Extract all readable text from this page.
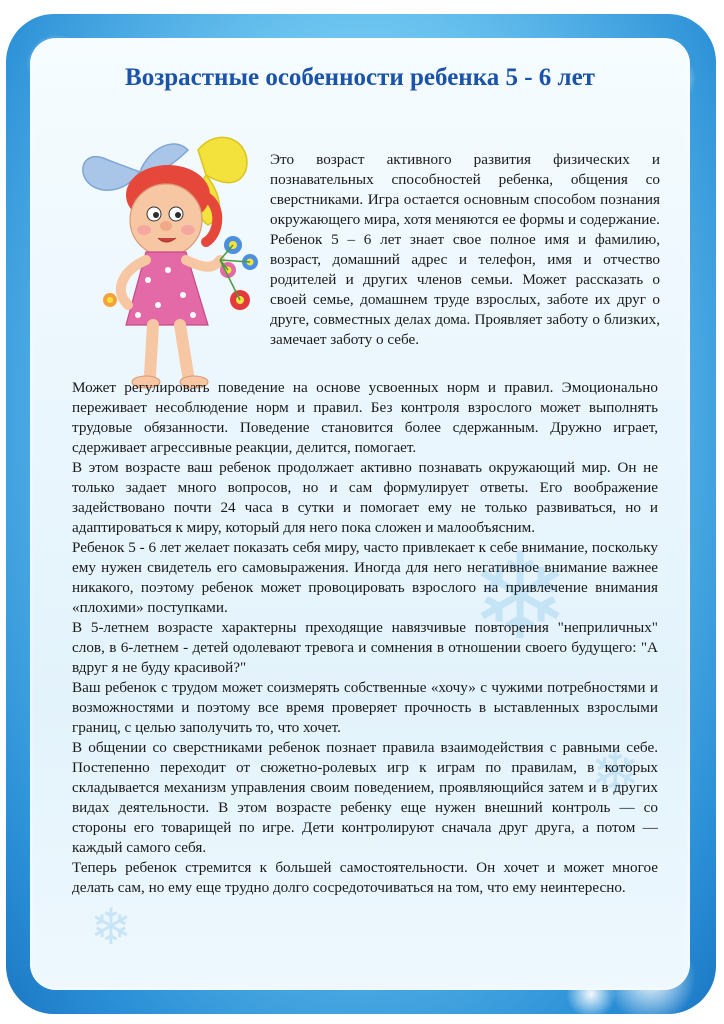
❄
❄
❄
Возрастные особенности ребенка 5 - 6 лет

Это возраст активного развития физических и познавательных способностей ребенка, общения со сверстниками. Игра остается основным способом познания окружающего мира, хотя меняются ее формы и содержание.

Ребенок 5 – 6 лет знает свое полное имя и фамилию, возраст, домашний адрес и телефон, имя и отчество родителей и других членов семьи. Может рассказать о своей семье, домашнем труде взрослых, заботе их друг о друге, совместных делах дома. Проявляет заботу о близких, замечает заботу о себе.

Может регулировать поведение на основе усвоенных норм и правил. Эмоционально переживает несоблюдение норм и правил. Без контроля взрослого может выполнять трудовые обязанности. Поведение становится более сдержанным. Дружно играет, сдерживает агрессивные реакции, делится, помогает.

В этом возрасте ваш ребенок продолжает активно познавать окружающий мир. Он не только задает много вопросов, но и сам формулирует ответы. Его воображение задействовано почти 24 часа в сутки и помогает ему не только развиваться, но и адаптироваться к миру, который для него пока сложен и малообъясним.

Ребенок 5 - 6 лет желает показать себя миру, часто привлекает к себе внимание, поскольку ему нужен свидетель его самовыражения. Иногда для него негативное внимание важнее никакого, поэтому ребенок может провоцировать взрослого на привлечение внимания «плохими» поступками.

В 5-летнем возрасте характерны преходящие навязчивые повторения "неприличных" слов, в 6-летнем - детей одолевают тревога и сомнения в отношении своего будущего: "А вдруг я не буду красивой?"

Ваш ребенок с трудом может соизмерять собственные «хочу» с чужими потребностями и возможностями и поэтому все время проверяет прочность в ыставленных взрослыми границ, с целью заполучить то, что хочет.

В общении со сверстниками ребенок познает правила взаимодействия с равными себе. Постепенно переходит от сюжетно-ролевых игр к играм по правилам, в которых складывается механизм управления своим поведением, проявляющийся затем и в других видах деятельности. В этом возрасте ребенку еще нужен внешний контроль — со стороны его товарищей по игре. Дети контролируют сначала друг друга, а потом — каждый самого себя.

Теперь ребенок стремится к большей самостоятельности. Он хочет и может многое делать сам, но ему еще трудно долго сосредоточиваться на том, что ему неинтересно.
